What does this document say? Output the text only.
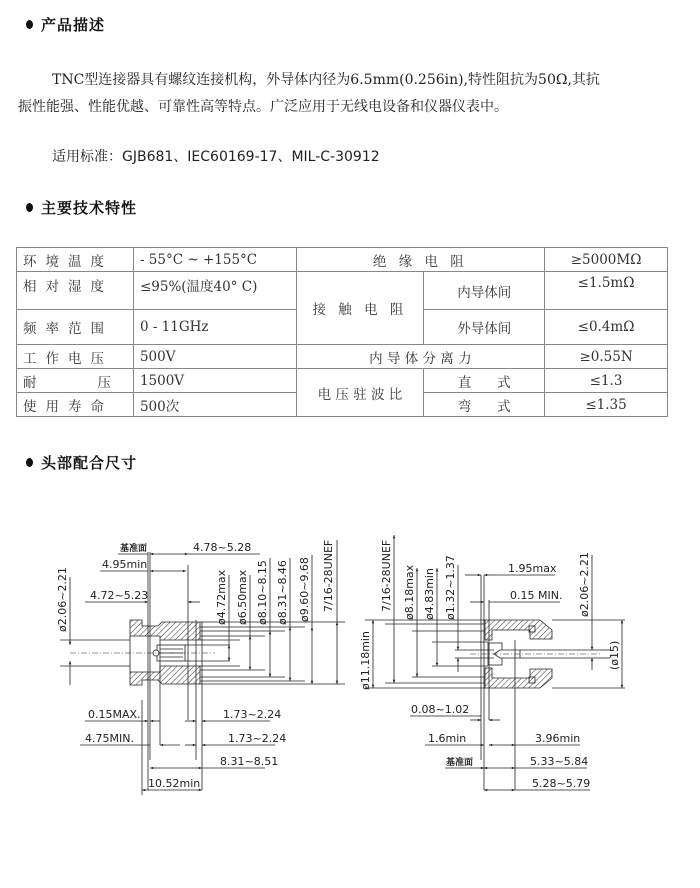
产品描述
TNC型连接器具有螺纹连接机构，外导体内径为6.5mm(0.256in),特性阻抗为50Ω,其抗
振性能强、性能优越、可靠性高等特点。广泛应用于无线电设备和仪器仪表中。
适用标准：GJB681、IEC60169-17、MIL-C-30912
主要技术特性
环境温度	- 55°C ~ +155°C	绝 缘 电 阻		≥5000MΩ
相对湿度	≤95%(温度40° C)	接 触 电 阻	内导体间	≤1.5mΩ
频率范围	0 - 11GHz		外导体间	≤0.4mΩ
工作电压	500V	内 导 体 分 离 力		≥0.55N

耐 压	1500V	电 压 驻 波 比	直      式	≤1.3
使用寿命	500次		弯      式	≤1.35
头部配合尺寸
基准面	4.78~5.28
4.95min
4.72~5.23
ø2.06~2.21	ø4.72max ø6.50max ø8.10~8.15 ø8.31~8.46 ø9.60~9.68 7/16-28UNEF
0.15MAX.	1.73~2.24
4.75MIN.	1.73~2.24
8.31~8.51
10.52min
7/16-28UNEF ø8.18max ø4.83min ø1.32~1.37	1.95max
0.15 MIN. ø2.06~2.21
ø11.18min	(ø15)
0.08~1.02
1.6min	3.96min
基准面	5.33~5.84
5.28~5.79
